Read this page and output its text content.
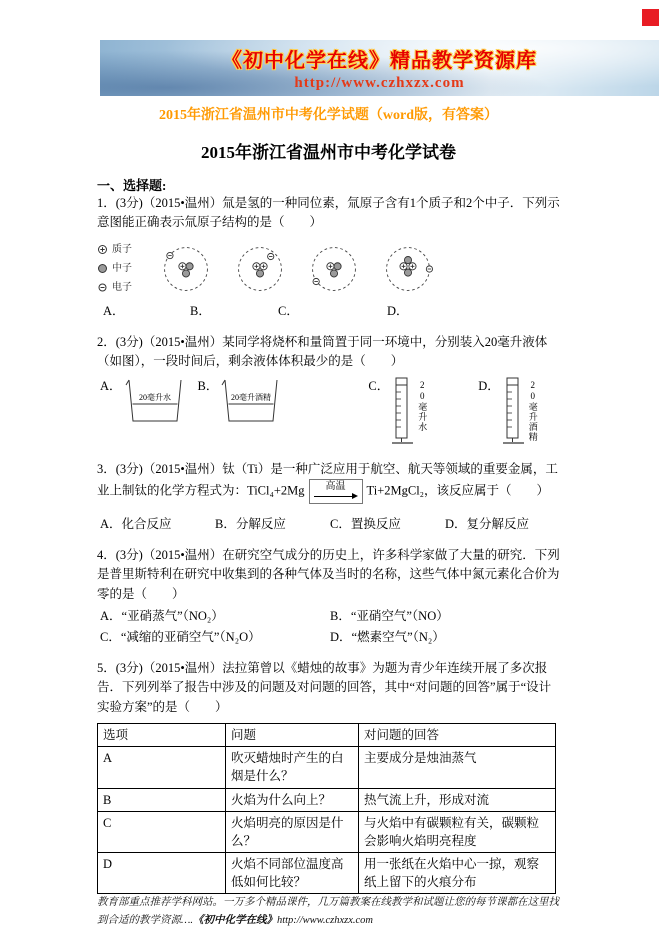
《初中化学在线》精品教学资源库
http://www.czhxzx.com
2015年浙江省温州市中考化学试题（word版，有答案）
2015年浙江省温州市中考化学试卷
一、选择题:

1．(3分)（2015•温州）氚是氢的一种同位素，氚原子含有1个质子和2个中子．下列示意图能正确表示氚原子结构的是（　　）

质子
中子
电子
A．	B．	C．	D．

2．(3分)（2015•温州）某同学将烧杯和量筒置于同一环境中，分别装入20毫升液体（如图），一段时间后，剩余液体体积最少的是（　　）

A．
20毫升水
B．
20毫升酒精
C．	20毫升水	D．	20毫升酒精

3．(3分)（2015•温州）钛（Ti）是一种广泛应用于航空、航天等领域的重要金属，工业上制钛的化学方程式为：TiCl₄+2Mg 高温 Ti+2MgCl₂，该反应属于（　　）

A．化合反应	B．分解反应	C．置换反应	D．复分解反应

4．(3分)（2015•温州）在研究空气成分的历史上，许多科学家做了大量的研究．下列是普里斯特利在研究中收集到的各种气体及当时的名称，这些气体中氮元素化合价为零的是（　　）

A．“亚硝蒸气”（NO₂）	B．“亚硝空气”（NO）
C．“减缩的亚硝空气”（N₂O）	D．“燃素空气”（N₂）

5．(3分)（2015•温州）法拉第曾以《蜡烛的故事》为题为青少年连续开展了多次报告．下列列举了报告中涉及的问题及对问题的回答，其中“对问题的回答”属于“设计实验方案”的是（　　）

选项	问题	对问题的回答
A	吹灭蜡烛时产生的白烟是什么？	主要成分是烛油蒸气
B	火焰为什么向上？	热气流上升，形成对流
C	火焰明亮的原因是什么？	与火焰中有碳颗粒有关，碳颗粒会影响火焰明亮程度
D	火焰不同部位温度高低如何比较？	用一张纸在火焰中心一掠，观察纸上留下的火痕分布

教育部重点推荐学科网站。一万多个精品课件，几万篇教案在线教学和试题让您的每节课都在这里找到合适的教学资源….《初中化学在线》http://www.czhxzx.com
